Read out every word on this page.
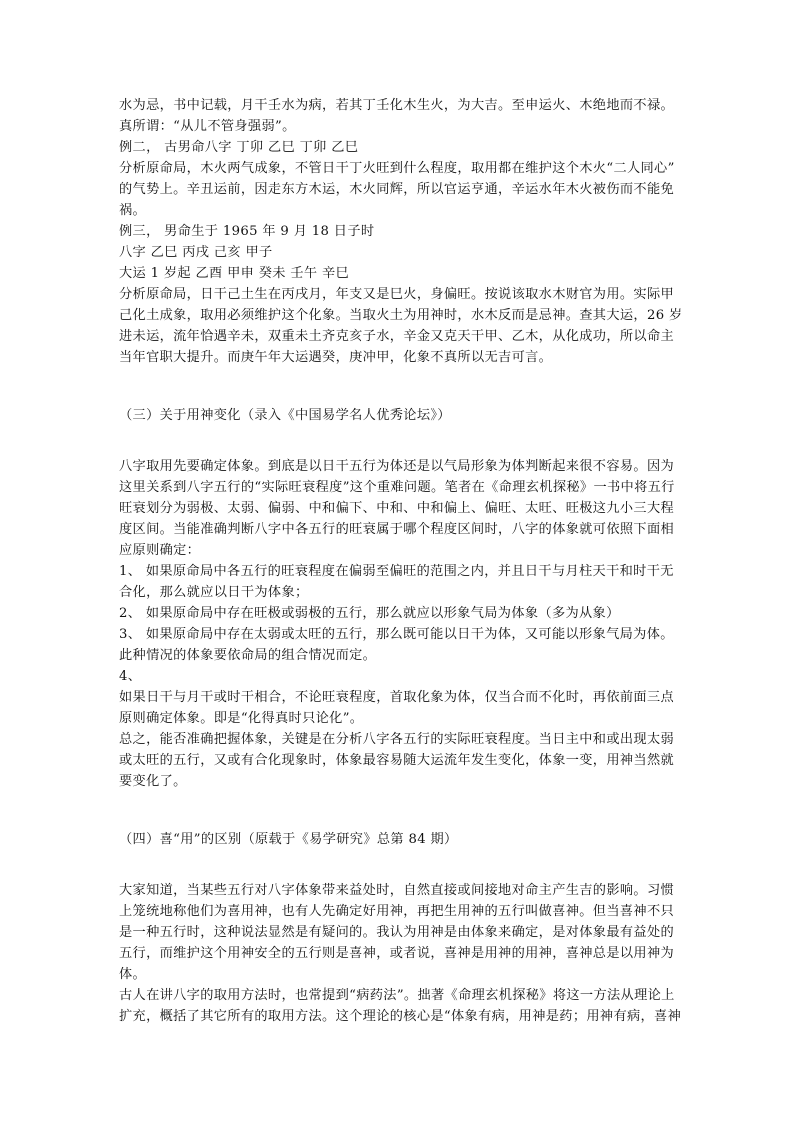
水为忌，书中记载，月干壬水为病，若其丁壬化木生火，为大吉。至申运火、木绝地而不禄。
真所谓：“从儿不管身强弱”。
例二， 古男命八字 丁卯 乙巳 丁卯 乙巳
分析原命局，木火两气成象，不管日干丁火旺到什么程度，取用都在维护这个木火“二人同心”
的气势上。辛丑运前，因走东方木运，木火同辉，所以官运亨通，辛运水年木火被伤而不能免
祸。
例三， 男命生于 1965 年 9 月 18 日子时
八字 乙巳 丙戌 己亥 甲子
大运 1 岁起 乙酉 甲申 癸未 壬午 辛巳
分析原命局，日干己土生在丙戌月，年支又是巳火，身偏旺。按说该取水木财官为用。实际甲
己化土成象，取用必须维护这个化象。当取火土为用神时，水木反而是忌神。查其大运，26 岁
进未运，流年恰遇辛未，双重未土齐克亥子水，辛金又克天干甲、乙木，从化成功，所以命主
当年官职大提升。而庚午年大运遇癸，庚冲甲，化象不真所以无吉可言。
（三）关于用神变化（录入《中国易学名人优秀论坛》）
八字取用先要确定体象。到底是以日干五行为体还是以气局形象为体判断起来很不容易。因为
这里关系到八字五行的“实际旺衰程度”这个重难问题。笔者在《命理玄机探秘》一书中将五行
旺衰划分为弱极、太弱、偏弱、中和偏下、中和、中和偏上、偏旺、太旺、旺极这九小三大程
度区间。当能准确判断八字中各五行的旺衰属于哪个程度区间时，八字的体象就可依照下面相
应原则确定：
1、 如果原命局中各五行的旺衰程度在偏弱至偏旺的范围之内，并且日干与月柱天干和时干无
合化，那么就应以日干为体象；
2、 如果原命局中存在旺极或弱极的五行，那么就应以形象气局为体象（多为从象）
3、 如果原命局中存在太弱或太旺的五行，那么既可能以日干为体，又可能以形象气局为体。
此种情况的体象要依命局的组合情况而定。
4、
如果日干与月干或时干相合，不论旺衰程度，首取化象为体，仅当合而不化时，再依前面三点
原则确定体象。即是“化得真时只论化”。
总之，能否准确把握体象，关键是在分析八字各五行的实际旺衰程度。当日主中和或出现太弱
或太旺的五行，又或有合化现象时，体象最容易随大运流年发生变化，体象一变，用神当然就
要变化了。
（四）喜“用”的区别（原载于《易学研究》总第 84 期）
大家知道，当某些五行对八字体象带来益处时，自然直接或间接地对命主产生吉的影响。习惯
上笼统地称他们为喜用神，也有人先确定好用神，再把生用神的五行叫做喜神。但当喜神不只
是一种五行时，这种说法显然是有疑问的。我认为用神是由体象来确定，是对体象最有益处的
五行，而维护这个用神安全的五行则是喜神，或者说，喜神是用神的用神，喜神总是以用神为
体。
古人在讲八字的取用方法时，也常提到“病药法”。拙著《命理玄机探秘》将这一方法从理论上
扩充，概括了其它所有的取用方法。这个理论的核心是“体象有病，用神是药；用神有病，喜神
